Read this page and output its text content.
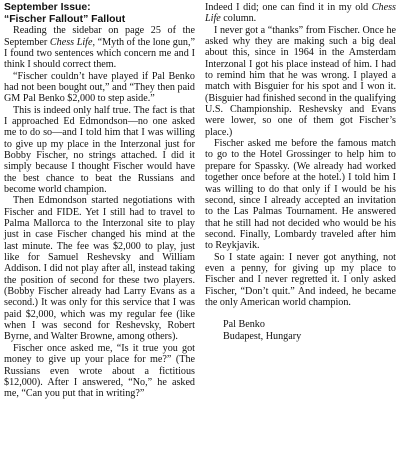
September Issue:
“Fischer Fallout” Fallout

Reading the sidebar on page 25 of the September Chess Life, “Myth of the lone gun,” I found two sentences which concern me and I think I should correct them.

“Fischer couldn’t have played if Pal Benko had not been bought out,” and “They then paid GM Pal Benko $2,000 to step aside.”

This is indeed only half true. The fact is that I approached Ed Edmondson—no one asked me to do so—and I told him that I was willing to give up my place in the Interzonal just for Bobby Fischer, no strings attached. I did it simply because I thought Fischer would have the best chance to beat the Russians and become world champion.

Then Edmondson started negotiations with Fischer and FIDE. Yet I still had to travel to Palma Mallorca to the Interzonal site to play just in case Fischer changed his mind at the last minute. The fee was $2,000 to play, just like for Samuel Reshevsky and William Addison. I did not play after all, instead taking the position of second for these two players. (Bobby Fischer already had Larry Evans as a second.) It was only for this service that I was paid $2,000, which was my regular fee (like when I was second for Reshevsky, Robert Byrne, and Walter Browne, among others).

Fischer once asked me, “Is it true you got money to give up your place for me?” (The Russians even wrote about a fictitious $12,000). After I answered, “No,” he asked me, “Can you put that in writing?”

Indeed I did; one can find it in my old Chess Life column.

I never got a “thanks” from Fischer. Once he asked why they are making such a big deal about this, since in 1964 in the Amsterdam Interzonal I got his place instead of him. I had to remind him that he was wrong. I played a match with Bisguier for his spot and I won it. (Bisguier had finished second in the qualifying U.S. Championship. Reshevsky and Evans were lower, so one of them got Fischer’s place.)

Fischer asked me before the famous match to go to the Hotel Grossinger to help him to prepare for Spassky. (We already had worked together once before at the hotel.) I told him I was willing to do that only if I would be his second, since I already accepted an invitation to the Las Palmas Tournament. He answered that he still had not decided who would be his second. Finally, Lombardy traveled after him to Reykjavik.

So I state again: I never got anything, not even a penny, for giving up my place to Fischer and I never regretted it. I only asked Fischer, “Don’t quit.” And indeed, he became the only American world champion.

Pal Benko
Budapest, Hungary
